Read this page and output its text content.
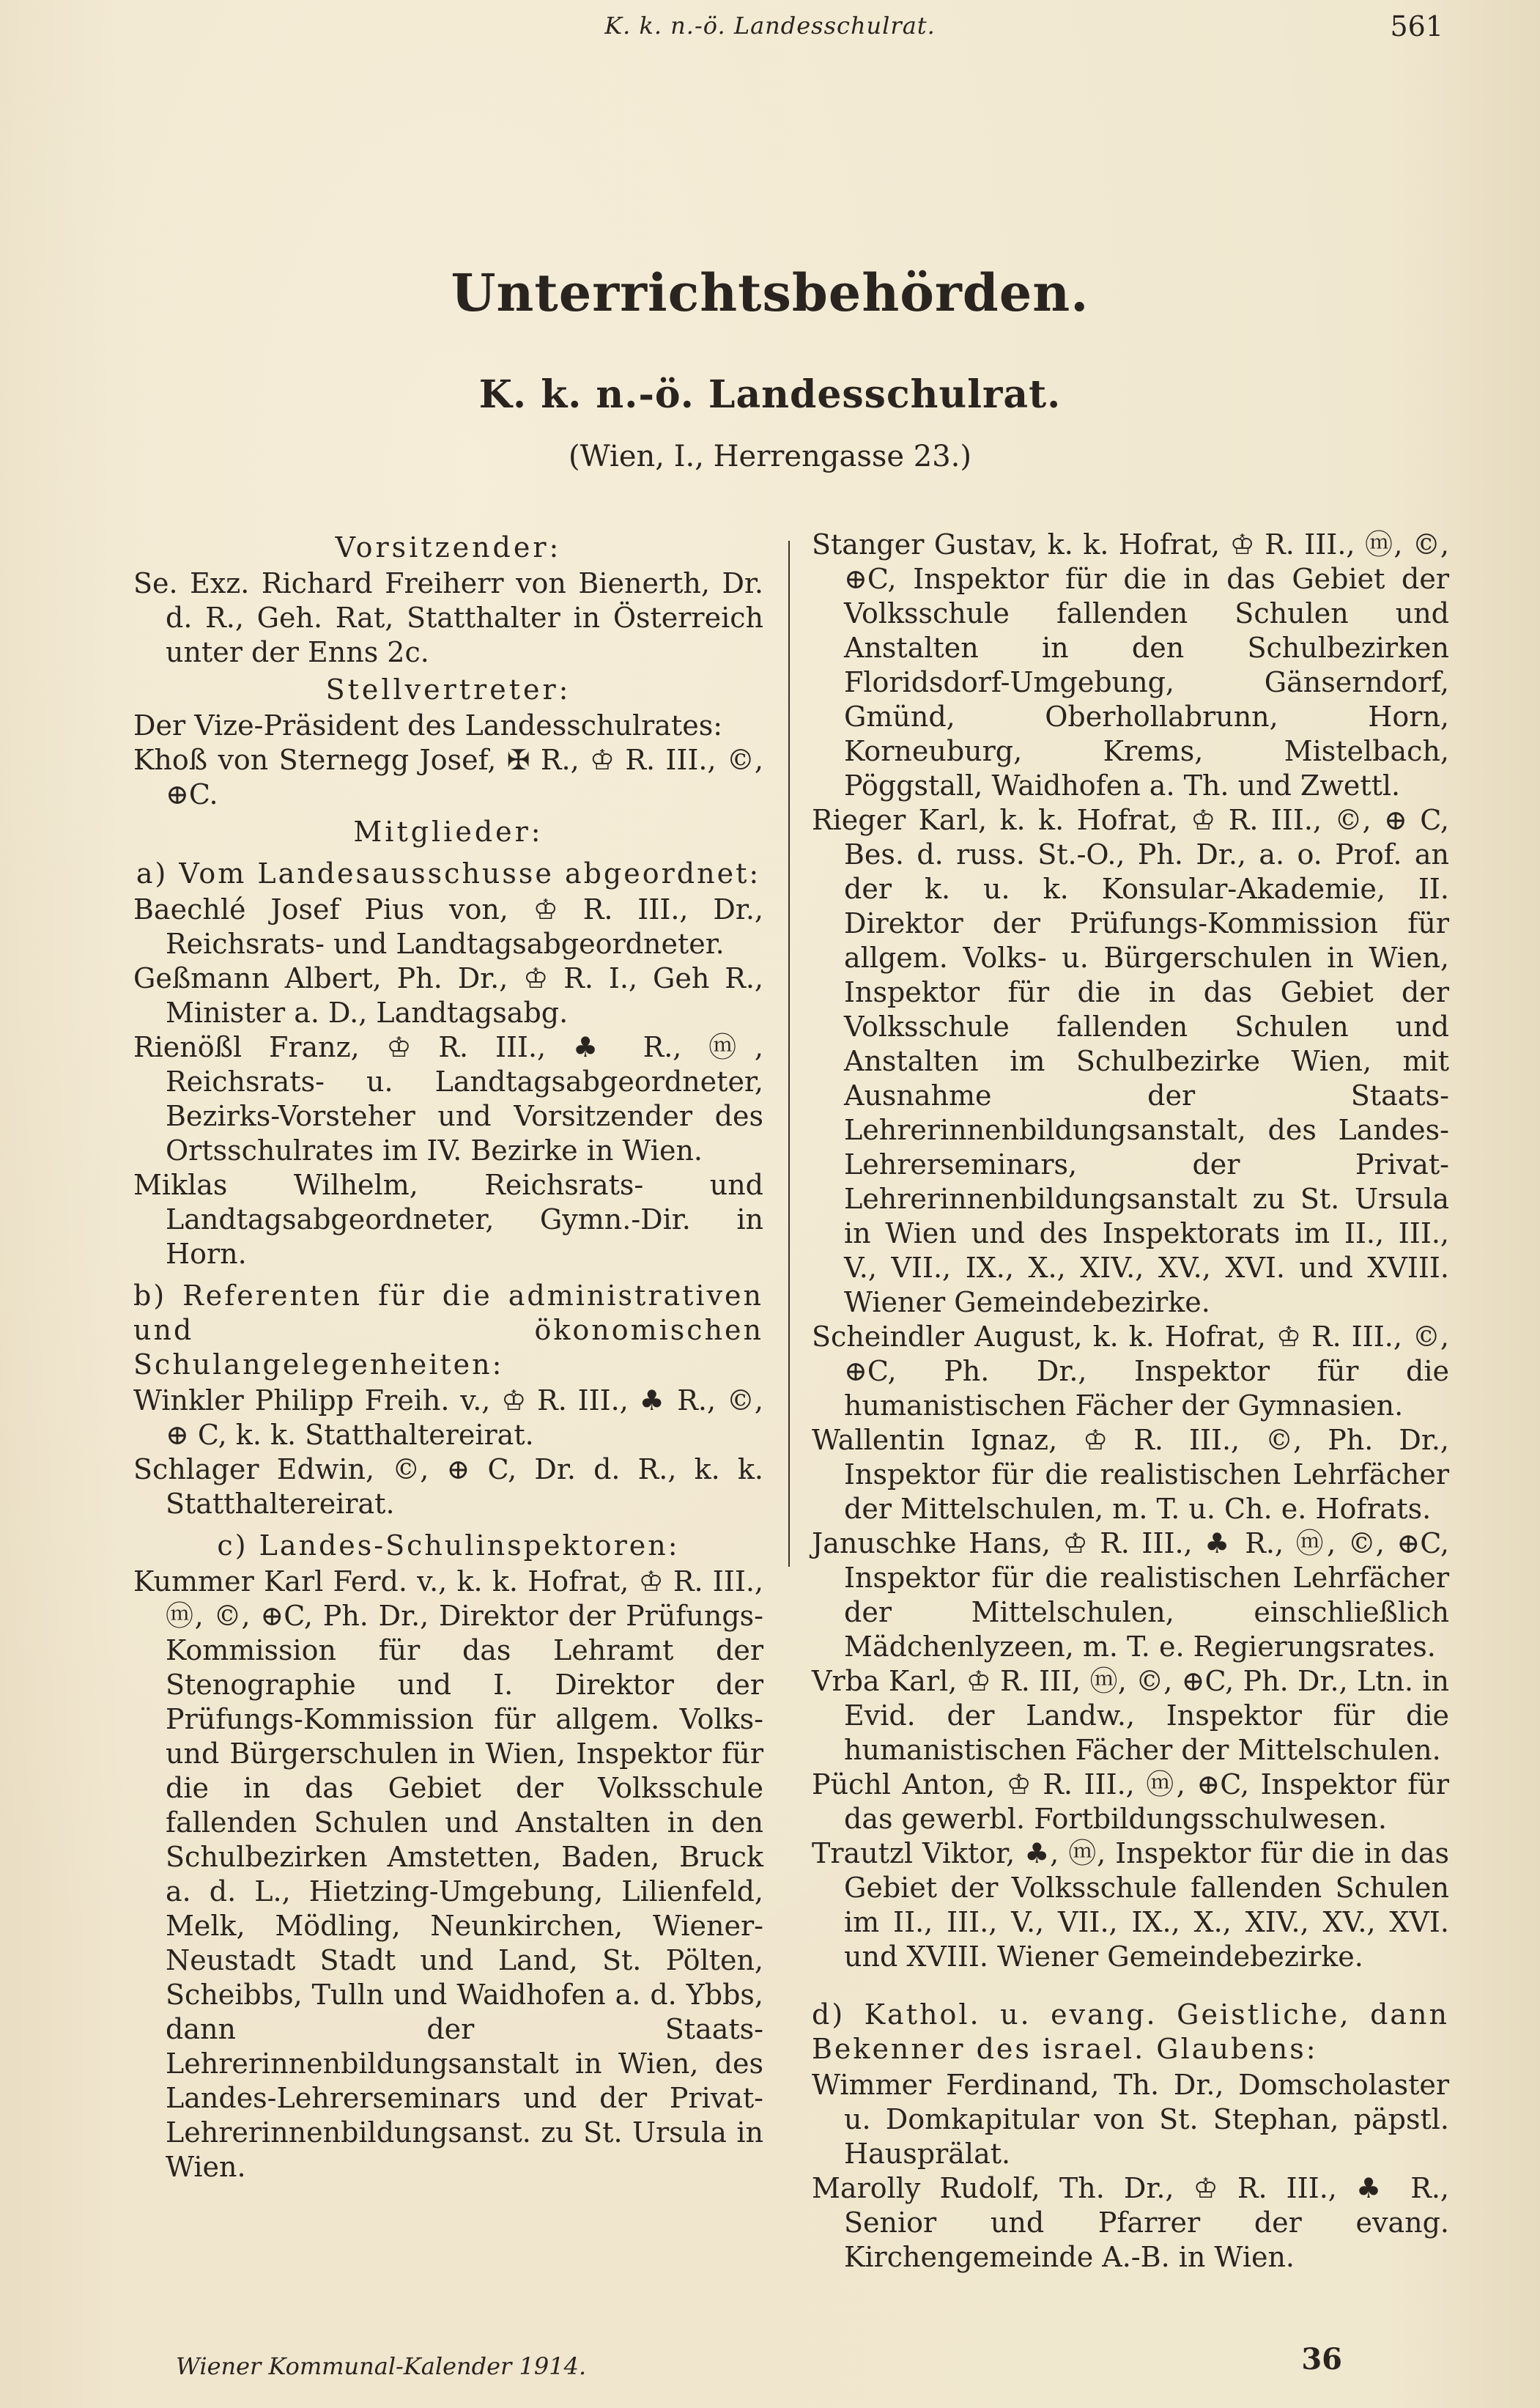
K. k. n.-ö. Landesschulrat.	561
Unterrichtsbehörden.
K. k. n.-ö. Landesschulrat.
(Wien, I., Herrengasse 23.)
Vorsitzender:

Se. Exz. Richard Freiherr von Bienerth, Dr. d. R., Geh. Rat, Statthalter in Österreich unter der Enns 2c.

Stellvertreter:

Der Vize-Präsident des Landesschulrates:

Khoß von Sternegg Josef, ✠ R., ♔ R. III., ©, ⊕C.

Mitglieder:
a) Vom Landesausschusse abgeordnet:

Baechlé Josef Pius von, ♔ R. III., Dr., Reichsrats- und Landtagsabgeordneter.

Geßmann Albert, Ph. Dr., ♔ R. I., Geh R., Minister a. D., Landtagsabg.

Rienößl Franz, ♔ R. III., ♣ R., ⓜ, Reichsrats- u. Landtagsabgeordneter, Bezirks-Vorsteher und Vorsitzender des Ortsschulrates im IV. Bezirke in Wien.

Miklas Wilhelm, Reichsrats- und Landtagsabgeordneter, Gymn.-Dir. in Horn.

b) Referenten für die administrativen und ökonomischen Schulangelegenheiten:

Winkler Philipp Freih. v., ♔ R. III., ♣ R., ©, ⊕ C, k. k. Statthaltereirat.

Schlager Edwin, ©, ⊕ C, Dr. d. R., k. k. Statthaltereirat.

c) Landes-Schulinspektoren:

Kummer Karl Ferd. v., k. k. Hofrat, ♔ R. III., ⓜ, ©, ⊕C, Ph. Dr., Direktor der Prüfungs-Kommission für das Lehramt der Stenographie und I. Direktor der Prüfungs-Kommission für allgem. Volks- und Bürgerschulen in Wien, Inspektor für die in das Gebiet der Volksschule fallenden Schulen und Anstalten in den Schulbezirken Amstetten, Baden, Bruck a. d. L., Hietzing-Umgebung, Lilienfeld, Melk, Mödling, Neunkirchen, Wiener-Neustadt Stadt und Land, St. Pölten, Scheibbs, Tulln und Waidhofen a. d. Ybbs, dann der Staats-Lehrerinnenbildungsanstalt in Wien, des Landes-Lehrerseminars und der Privat-Lehrerinnenbildungsanst. zu St. Ursula in Wien.

Stanger Gustav, k. k. Hofrat, ♔ R. III., ⓜ, ©, ⊕C, Inspektor für die in das Gebiet der Volksschule fallenden Schulen und Anstalten in den Schulbezirken Floridsdorf-Umgebung, Gänserndorf, Gmünd, Oberhollabrunn, Horn, Korneuburg, Krems, Mistelbach, Pöggstall, Waidhofen a. Th. und Zwettl.

Rieger Karl, k. k. Hofrat, ♔ R. III., ©, ⊕ C, Bes. d. russ. St.-O., Ph. Dr., a. o. Prof. an der k. u. k. Konsular-Akademie, II. Direktor der Prüfungs-Kommission für allgem. Volks- u. Bürgerschulen in Wien, Inspektor für die in das Gebiet der Volksschule fallenden Schulen und Anstalten im Schulbezirke Wien, mit Ausnahme der Staats-Lehrerinnenbildungsanstalt, des Landes-Lehrerseminars, der Privat-Lehrerinnenbildungsanstalt zu St. Ursula in Wien und des Inspektorats im II., III., V., VII., IX., X., XIV., XV., XVI. und XVIII. Wiener Gemeindebezirke.

Scheindler August, k. k. Hofrat, ♔ R. III., ©, ⊕C, Ph. Dr., Inspektor für die humanistischen Fächer der Gymnasien.

Wallentin Ignaz, ♔ R. III., ©, Ph. Dr., Inspektor für die realistischen Lehrfächer der Mittelschulen, m. T. u. Ch. e. Hofrats.

Januschke Hans, ♔ R. III., ♣ R., ⓜ, ©, ⊕C, Inspektor für die realistischen Lehrfächer der Mittelschulen, einschließlich Mädchenlyzeen, m. T. e. Regierungsrates.

Vrba Karl, ♔ R. III, ⓜ, ©, ⊕C, Ph. Dr., Ltn. in Evid. der Landw., Inspektor für die humanistischen Fächer der Mittelschulen.

Püchl Anton, ♔ R. III., ⓜ, ⊕C, Inspektor für das gewerbl. Fortbildungsschulwesen.

Trautzl Viktor, ♣, ⓜ, Inspektor für die in das Gebiet der Volksschule fallenden Schulen im II., III., V., VII., IX., X., XIV., XV., XVI. und XVIII. Wiener Gemeindebezirke.

d) Kathol. u. evang. Geistliche, dann Bekenner des israel. Glaubens:

Wimmer Ferdinand, Th. Dr., Domscholaster u. Domkapitular von St. Stephan, päpstl. Hausprälat.

Marolly Rudolf, Th. Dr., ♔ R. III., ♣ R., Senior und Pfarrer der evang. Kirchengemeinde A.-B. in Wien.

Wiener Kommunal-Kalender 1914.	36
